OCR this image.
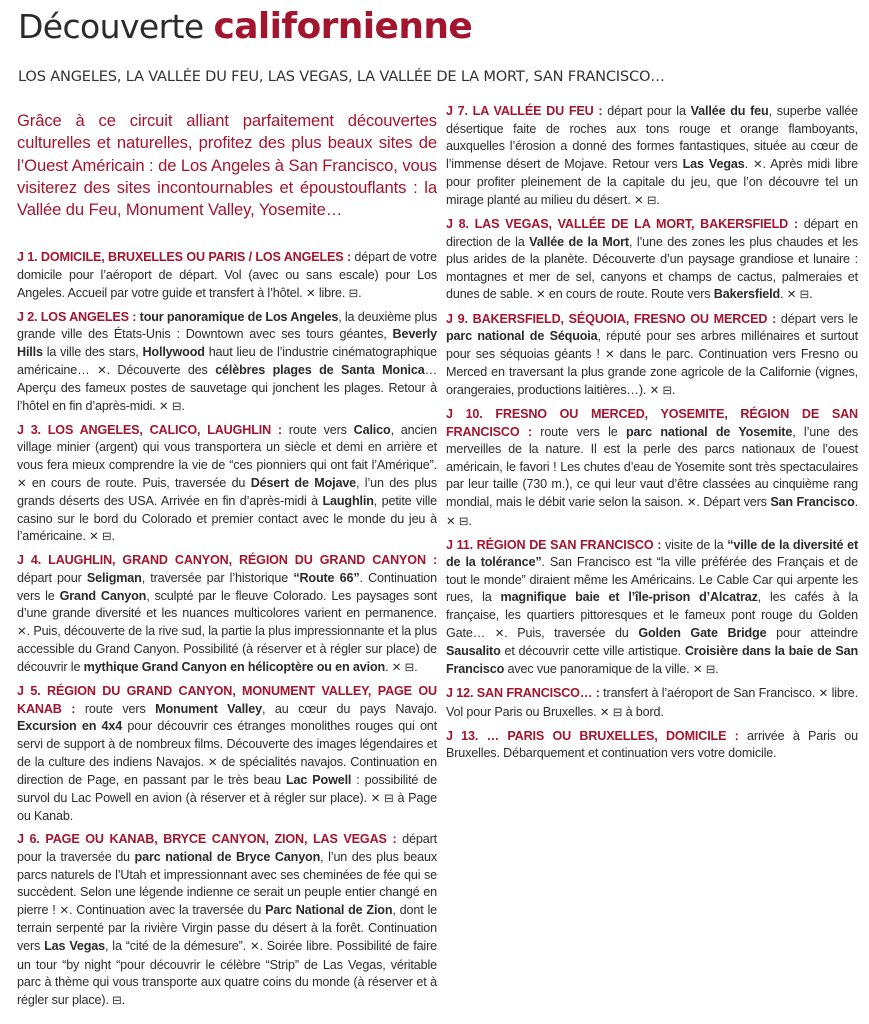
Découverte californienne
LOS ANGELES, LA VALLÉE DU FEU, LAS VEGAS, LA VALLÉE DE LA MORT, SAN FRANCISCO…

Grâce à ce circuit alliant parfaitement découvertes culturelles et naturelles, profitez des plus beaux sites de l’Ouest Américain : de Los Angeles à San Francisco, vous visiterez des sites incontournables et époustouflants : la Vallée du Feu, Monument Valley, Yosemite…

J 1. DOMICILE, BRUXELLES OU PARIS / LOS ANGELES : départ de votre domicile pour l’aéroport de départ. Vol (avec ou sans escale) pour Los Angeles. Accueil par votre guide et transfert à l’hôtel. ✕ libre. ⊟.

J 2. LOS ANGELES : tour panoramique de Los Angeles, la deuxième plus grande ville des États-Unis : Downtown avec ses tours géantes, Beverly Hills la ville des stars, Hollywood haut lieu de l’industrie cinématographique américaine… ✕. Découverte des célèbres plages de Santa Monica… Aperçu des fameux postes de sauvetage qui jonchent les plages. Retour à l’hôtel en fin d’après-midi. ✕ ⊟.

J 3. LOS ANGELES, CALICO, LAUGHLIN : route vers Calico, ancien village minier (argent) qui vous transportera un siècle et demi en arrière et vous fera mieux comprendre la vie de “ces pionniers qui ont fait l’Amérique”. ✕ en cours de route. Puis, traversée du Désert de Mojave, l’un des plus grands déserts des USA. Arrivée en fin d’après-midi à Laughlin, petite ville casino sur le bord du Colorado et premier contact avec le monde du jeu à l’américaine. ✕ ⊟.

J 4. LAUGHLIN, GRAND CANYON, RÉGION DU GRAND CANYON : départ pour Seligman, traversée par l’historique “Route 66”. Continuation vers le Grand Canyon, sculpté par le fleuve Colorado. Les paysages sont d’une grande diversité et les nuances multicolores varient en permanence. ✕. Puis, découverte de la rive sud, la partie la plus impressionnante et la plus accessible du Grand Canyon. Possibilité (à réserver et à régler sur place) de découvrir le mythique Grand Canyon en hélicoptère ou en avion. ✕ ⊟.

J 5. RÉGION DU GRAND CANYON, MONUMENT VALLEY, PAGE OU KANAB : route vers Monument Valley, au cœur du pays Navajo. Excursion en 4x4 pour découvrir ces étranges monolithes rouges qui ont servi de support à de nombreux films. Découverte des images légendaires et de la culture des indiens Navajos. ✕ de spécialités navajos. Continuation en direction de Page, en passant par le très beau Lac Powell : possibilité de survol du Lac Powell en avion (à réserver et à régler sur place). ✕ ⊟ à Page ou Kanab.

J 6. PAGE OU KANAB, BRYCE CANYON, ZION, LAS VEGAS : départ pour la traversée du parc national de Bryce Canyon, l’un des plus beaux parcs naturels de l’Utah et impressionnant avec ses cheminées de fée qui se succèdent. Selon une légende indienne ce serait un peuple entier changé en pierre ! ✕. Continuation avec la traversée du Parc National de Zion, dont le terrain serpenté par la rivière Virgin passe du désert à la forêt. Continuation vers Las Vegas, la “cité de la démesure”. ✕. Soirée libre. Possibilité de faire un tour “by night “pour découvrir le célèbre “Strip” de Las Vegas, véritable parc à thème qui vous transporte aux quatre coins du monde (à réserver et à régler sur place). ⊟.

J 7. LA VALLÉE DU FEU : départ pour la Vallée du feu, superbe vallée désertique faite de roches aux tons rouge et orange flamboyants, auxquelles l’érosion a donné des formes fantastiques, située au cœur de l’immense désert de Mojave. Retour vers Las Vegas. ✕. Après midi libre pour profiter pleinement de la capitale du jeu, que l’on découvre tel un mirage planté au milieu du désert. ✕ ⊟.

J 8. LAS VEGAS, VALLÉE DE LA MORT, BAKERSFIELD : départ en direction de la Vallée de la Mort, l’une des zones les plus chaudes et les plus arides de la planète. Découverte d’un paysage grandiose et lunaire : montagnes et mer de sel, canyons et champs de cactus, palmeraies et dunes de sable. ✕ en cours de route. Route vers Bakersfield. ✕ ⊟.

J 9. BAKERSFIELD, SÉQUOIA, FRESNO OU MERCED : départ vers le parc national de Séquoia, réputé pour ses arbres millénaires et surtout pour ses séquoias géants ! ✕ dans le parc. Continuation vers Fresno ou Merced en traversant la plus grande zone agricole de la Californie (vignes, orangeraies, productions laitières…). ✕ ⊟.

J 10. FRESNO OU MERCED, YOSEMITE, RÉGION DE SAN FRANCISCO : route vers le parc national de Yosemite, l’une des merveilles de la nature. Il est la perle des parcs nationaux de l’ouest américain, le favori ! Les chutes d’eau de Yosemite sont très spectaculaires par leur taille (730 m.), ce qui leur vaut d’être classées au cinquième rang mondial, mais le débit varie selon la saison. ✕. Départ vers San Francisco. ✕ ⊟.

J 11. RÉGION DE SAN FRANCISCO : visite de la “ville de la diversité et de la tolérance”. San Francisco est “la ville préférée des Français et de tout le monde” diraient même les Américains. Le Cable Car qui arpente les rues, la magnifique baie et l’île-prison d’Alcatraz, les cafés à la française, les quartiers pittoresques et le fameux pont rouge du Golden Gate… ✕. Puis, traversée du Golden Gate Bridge pour atteindre Sausalito et découvrir cette ville artistique. Croisière dans la baie de San Francisco avec vue panoramique de la ville. ✕ ⊟.

J 12. SAN FRANCISCO… : transfert à l’aéroport de San Francisco. ✕ libre. Vol pour Paris ou Bruxelles. ✕ ⊟ à bord.

J 13. … PARIS OU BRUXELLES, DOMICILE : arrivée à Paris ou Bruxelles. Débarquement et continuation vers votre domicile.
